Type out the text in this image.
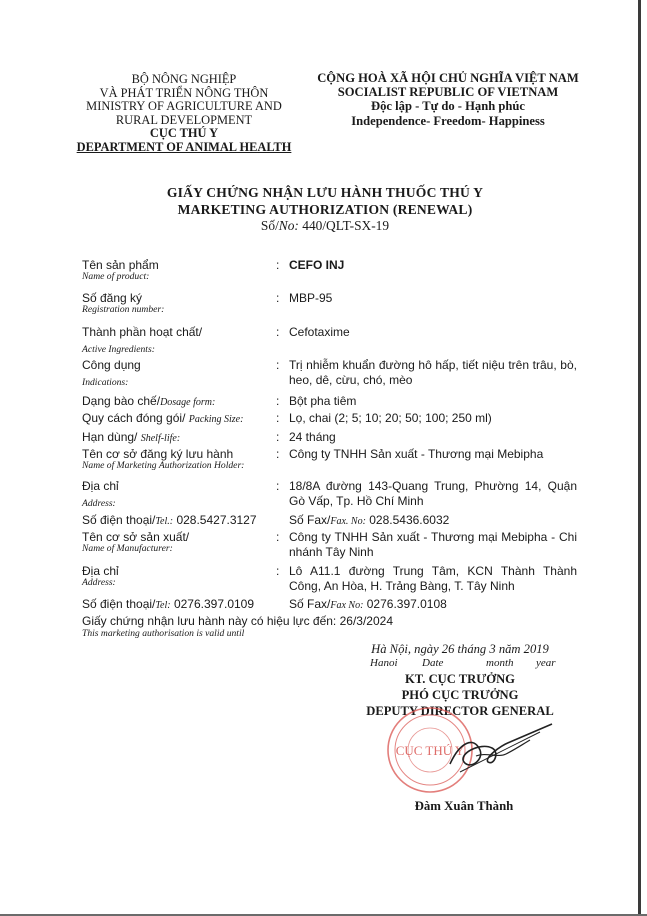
BỘ NÔNG NGHIỆP
VÀ PHÁT TRIỂN NÔNG THÔN
MINISTRY OF AGRICULTURE AND
RURAL DEVELOPMENT
CỤC THÚ Y
DEPARTMENT OF ANIMAL HEALTH
CỘNG HOÀ XÃ HỘI CHỦ NGHĨA VIỆT NAM
SOCIALIST REPUBLIC OF VIETNAM
Độc lập - Tự do - Hạnh phúc
Independence- Freedom- Happiness
GIẤY CHỨNG NHẬN LƯU HÀNH THUỐC THÚ Y
MARKETING AUTHORIZATION (RENEWAL)
Số/No: 440/QLT-SX-19
Tên sản phẩm
Name of product:
: CEFO INJ
Số đăng ký
Registration number:
: MBP-95
Thành phần hoạt chất/
Active Ingredients:
: Cefotaxime
Công dụng
Indications:
: Trị nhiễm khuẩn đường hô hấp, tiết niệu trên trâu, bò, heo, dê, cừu, chó, mèo
Dạng bào chế/Dosage form:	: Bột pha tiêm
Quy cách đóng gói/ Packing Size:	: Lọ, chai (2; 5; 10; 20; 50; 100; 250 ml)
Hạn dùng/ Shelf-life:	: 24 tháng
Tên cơ sở đăng ký lưu hành
Name of Marketing Authorization Holder:
: Công ty TNHH Sản xuất - Thương mại Mebipha
Địa chỉ
Address:
: 18/8A đường 143-Quang Trung, Phường 14, Quận Gò Vấp, Tp. Hồ Chí Minh
Số điện thoại/Tel.: 028.5427.3127	Số Fax/Fax. No: 028.5436.6032
Tên cơ sở sản xuất/
Name of Manufacturer:
: Công ty TNHH Sản xuất - Thương mại Mebipha - Chi nhánh Tây Ninh
Địa chỉ
Address:
: Lô A11.1 đường Trung Tâm, KCN Thành Thành Công, An Hòa, H. Trảng Bàng, T. Tây Ninh
Số điện thoại/Tel: 0276.397.0109	Số Fax/Fax No: 0276.397.0108
Giấy chứng nhận lưu hành này có hiệu lực đến: 26/3/2024
This marketing authorisation is valid until
Hà Nội, ngày 26 tháng 3 năm 2019
Hanoi Date	month year
KT. CỤC TRƯỞNG
PHÓ CỤC TRƯỞNG
DEPUTY DIRECTOR GENERAL
CỤC THÚ Y
Đàm Xuân Thành
